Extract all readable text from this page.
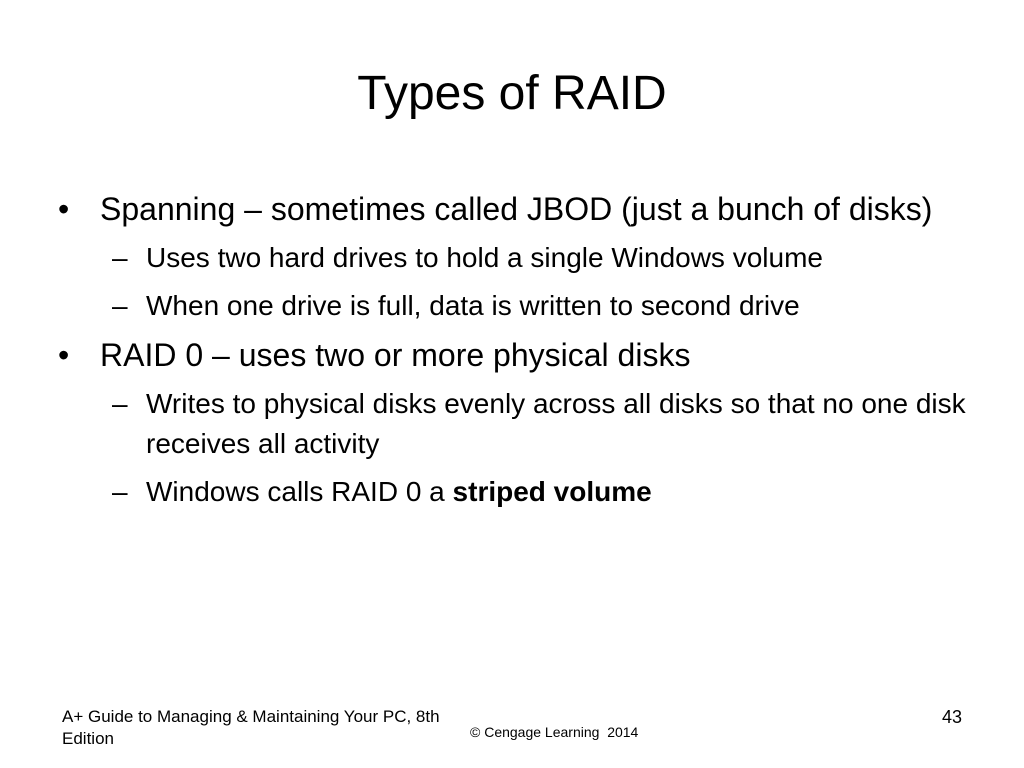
Types of RAID
• Spanning – sometimes called JBOD (just a bunch of disks)
– Uses two hard drives to hold a single Windows volume
– When one drive is full, data is written to second drive
• RAID 0 – uses two or more physical disks
– Writes to physical disks evenly across all disks so that no one disk receives all activity
– Windows calls RAID 0 a striped volume
A+ Guide to Managing & Maintaining Your PC, 8th Edition	© Cengage Learning  2014
43
